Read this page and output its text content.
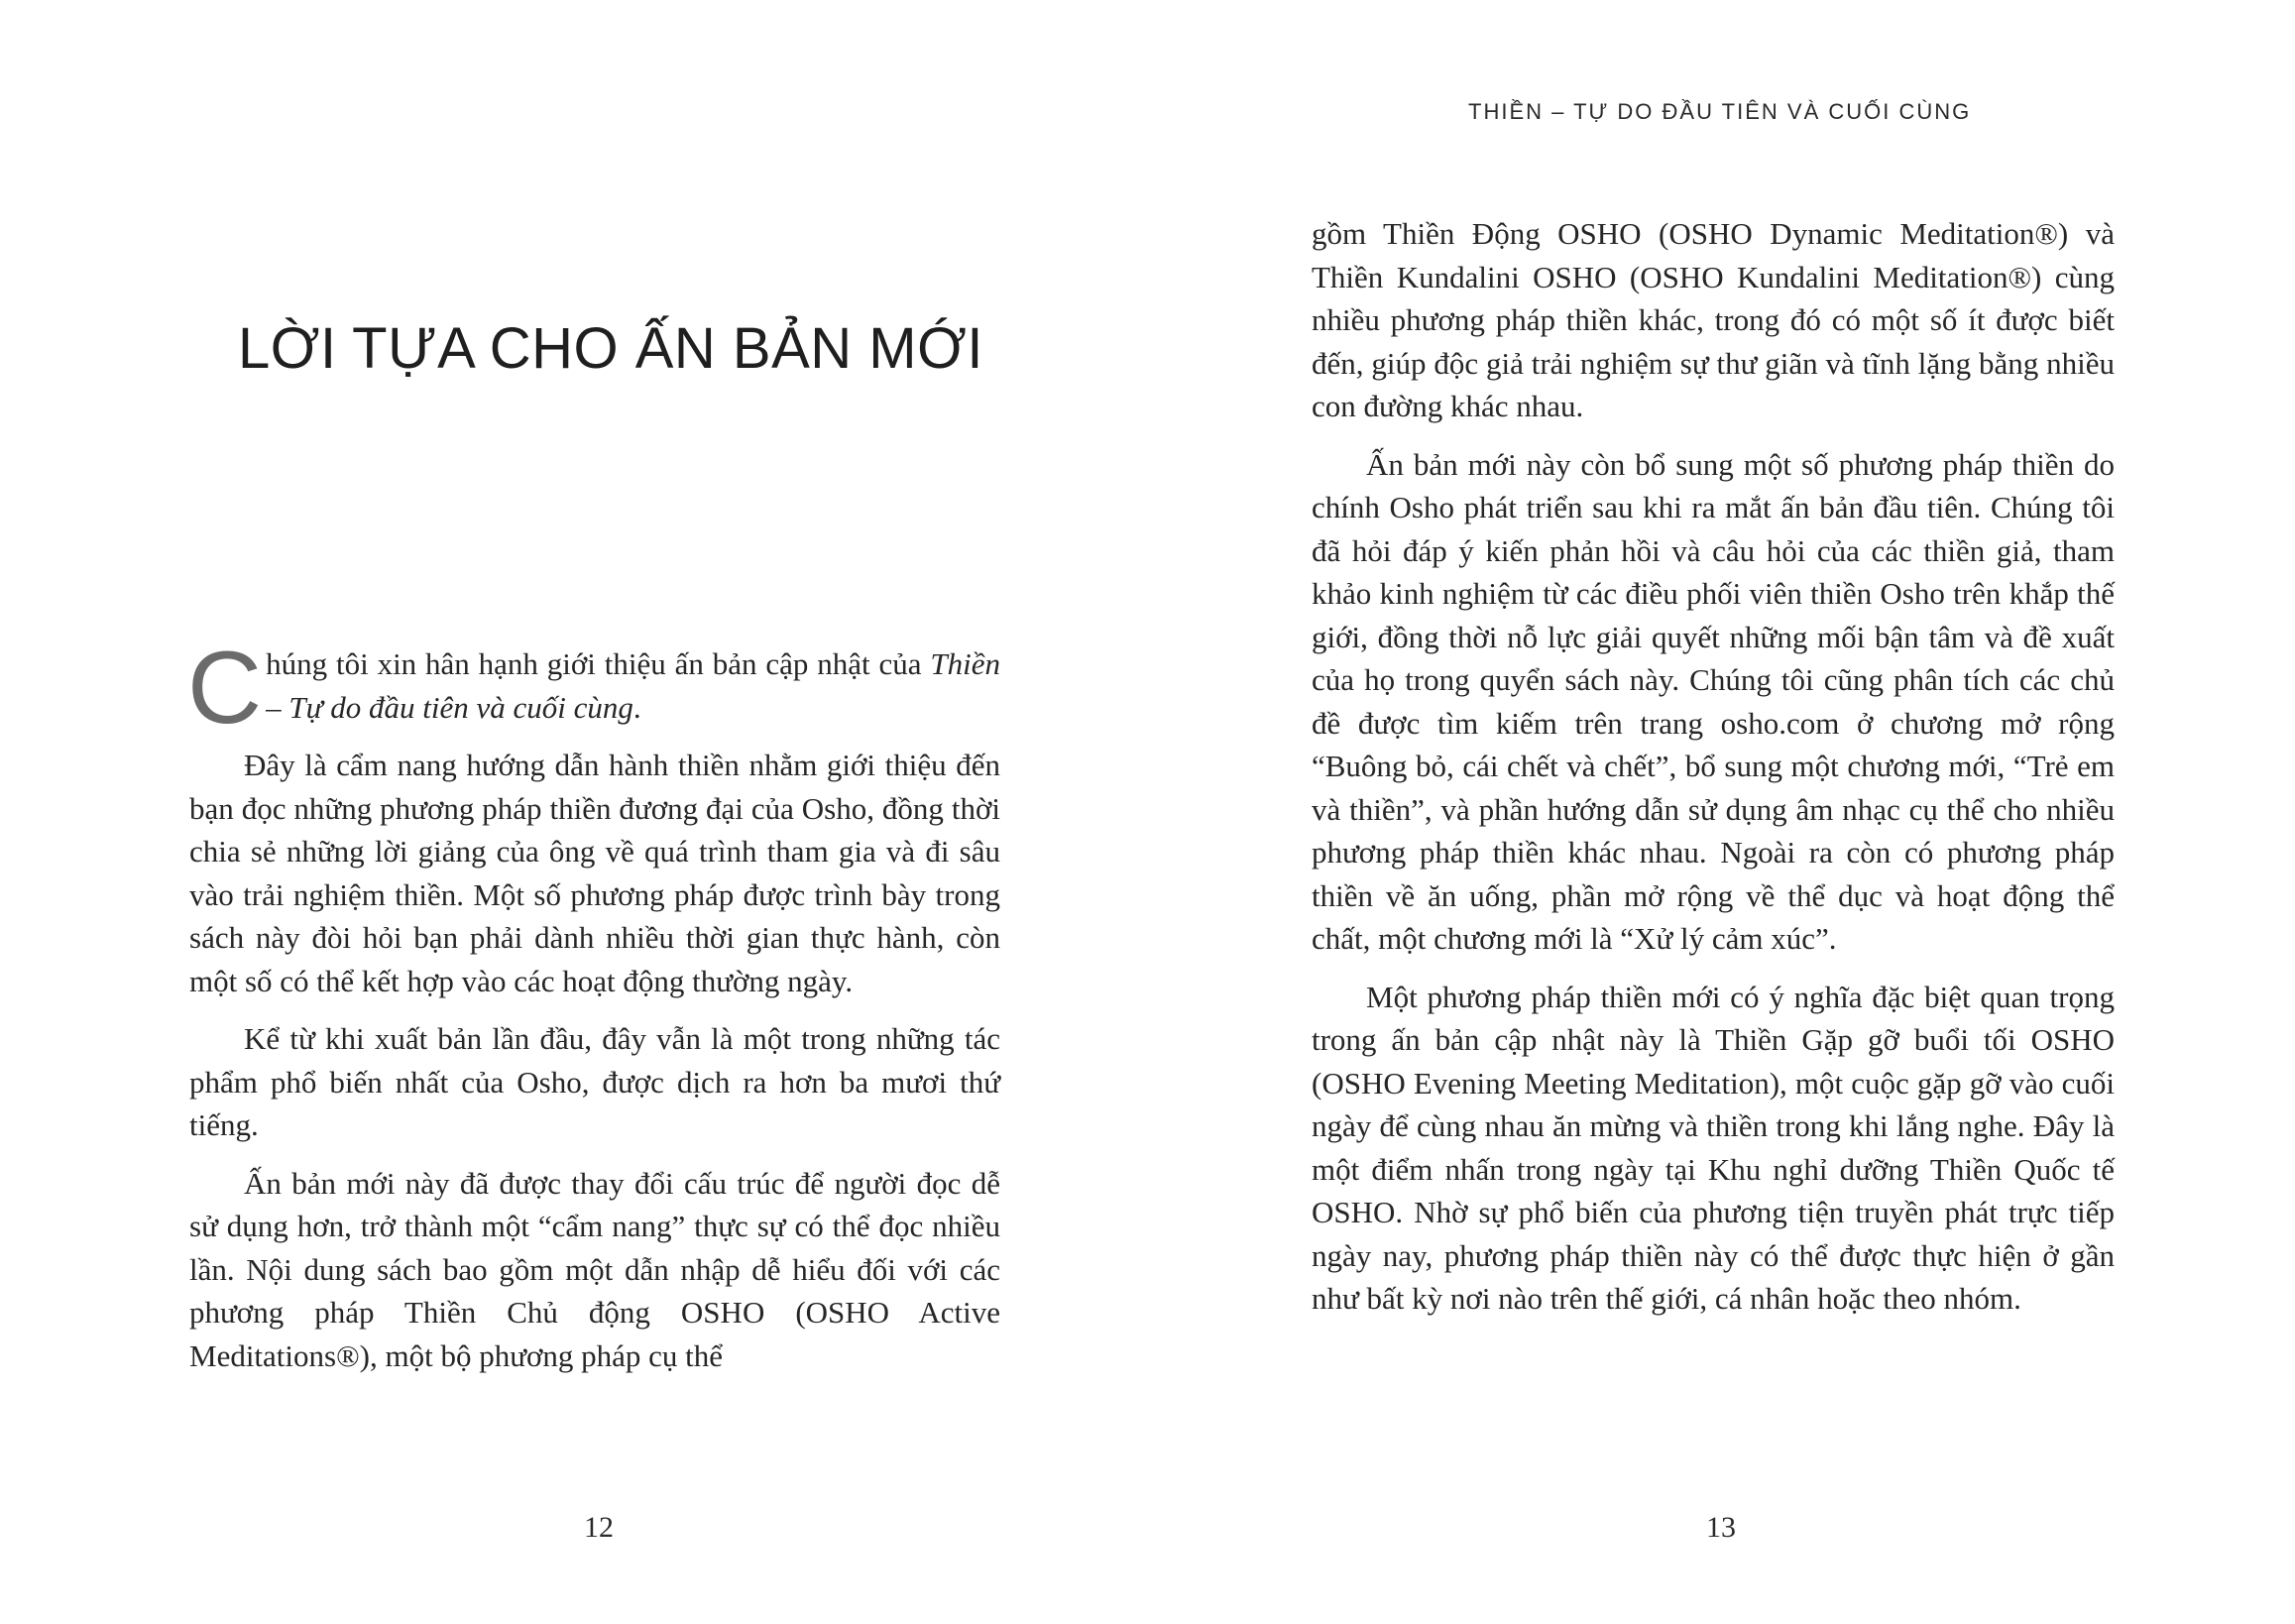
LỜI TỰA CHO ẤN BẢN MỚI

Chúng tôi xin hân hạnh giới thiệu ấn bản cập nhật của Thiền – Tự do đầu tiên và cuối cùng.

Đây là cẩm nang hướng dẫn hành thiền nhằm giới thiệu đến bạn đọc những phương pháp thiền đương đại của Osho, đồng thời chia sẻ những lời giảng của ông về quá trình tham gia và đi sâu vào trải nghiệm thiền. Một số phương pháp được trình bày trong sách này đòi hỏi bạn phải dành nhiều thời gian thực hành, còn một số có thể kết hợp vào các hoạt động thường ngày.

Kể từ khi xuất bản lần đầu, đây vẫn là một trong những tác phẩm phổ biến nhất của Osho, được dịch ra hơn ba mươi thứ tiếng.

Ấn bản mới này đã được thay đổi cấu trúc để người đọc dễ sử dụng hơn, trở thành một “cẩm nang” thực sự có thể đọc nhiều lần. Nội dung sách bao gồm một dẫn nhập dễ hiểu đối với các phương pháp Thiền Chủ động OSHO (OSHO Active Meditations®), một bộ phương pháp cụ thể

12
THIỀN – TỰ DO ĐẦU TIÊN VÀ CUỐI CÙNG

gồm Thiền Động OSHO (OSHO Dynamic Meditation®) và Thiền Kundalini OSHO (OSHO Kundalini Meditation®) cùng nhiều phương pháp thiền khác, trong đó có một số ít được biết đến, giúp độc giả trải nghiệm sự thư giãn và tĩnh lặng bằng nhiều con đường khác nhau.

Ấn bản mới này còn bổ sung một số phương pháp thiền do chính Osho phát triển sau khi ra mắt ấn bản đầu tiên. Chúng tôi đã hỏi đáp ý kiến phản hồi và câu hỏi của các thiền giả, tham khảo kinh nghiệm từ các điều phối viên thiền Osho trên khắp thế giới, đồng thời nỗ lực giải quyết những mối bận tâm và đề xuất của họ trong quyển sách này. Chúng tôi cũng phân tích các chủ đề được tìm kiếm trên trang osho.com ở chương mở rộng “Buông bỏ, cái chết và chết”, bổ sung một chương mới, “Trẻ em và thiền”, và phần hướng dẫn sử dụng âm nhạc cụ thể cho nhiều phương pháp thiền khác nhau. Ngoài ra còn có phương pháp thiền về ăn uống, phần mở rộng về thể dục và hoạt động thể chất, một chương mới là “Xử lý cảm xúc”.

Một phương pháp thiền mới có ý nghĩa đặc biệt quan trọng trong ấn bản cập nhật này là Thiền Gặp gỡ buổi tối OSHO (OSHO Evening Meeting Meditation), một cuộc gặp gỡ vào cuối ngày để cùng nhau ăn mừng và thiền trong khi lắng nghe. Đây là một điểm nhấn trong ngày tại Khu nghỉ dưỡng Thiền Quốc tế OSHO. Nhờ sự phổ biến của phương tiện truyền phát trực tiếp ngày nay, phương pháp thiền này có thể được thực hiện ở gần như bất kỳ nơi nào trên thế giới, cá nhân hoặc theo nhóm.

13
